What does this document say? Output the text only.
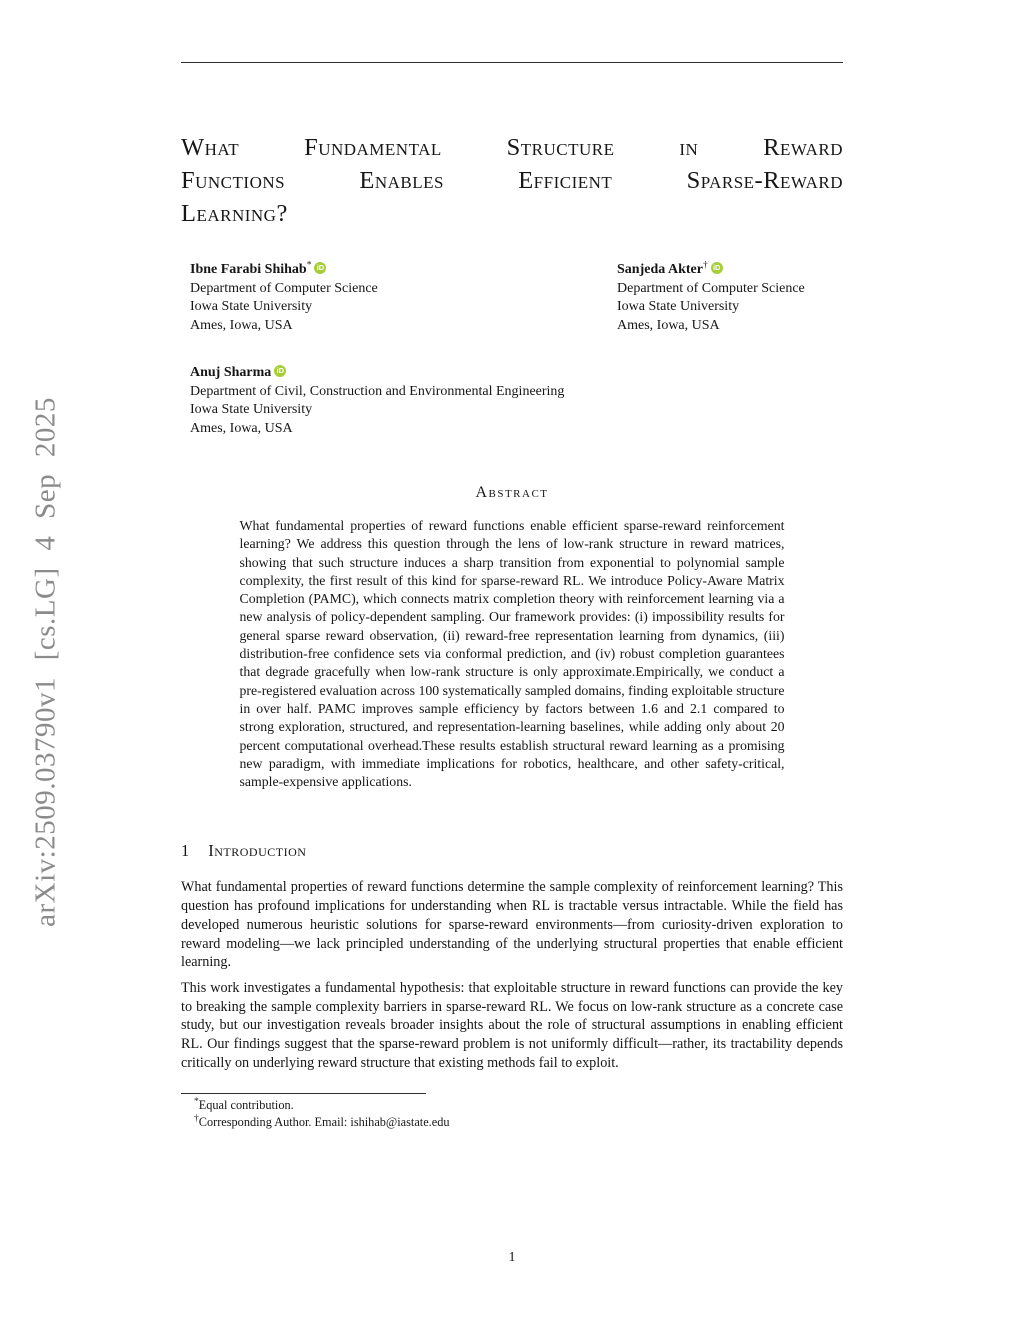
arXiv:2509.03790v1 [cs.LG] 4 Sep 2025
What Fundamental Structure in Reward
Functions Enables Efficient Sparse-Reward
Learning?
Ibne Farabi Shihab* iD
Department of Computer Science
Iowa State University
Ames, Iowa, USA
Sanjeda Akter† iD
Department of Computer Science
Iowa State University
Ames, Iowa, USA
Anuj Sharma iD
Department of Civil, Construction and Environmental Engineering
Iowa State University
Ames, Iowa, USA
Abstract
What fundamental properties of reward functions enable efficient sparse-reward reinforcement learning? We address this question through the lens of low-rank structure in reward matrices, showing that such structure induces a sharp transition from exponential to polynomial sample complexity, the first result of this kind for sparse-reward RL. We introduce Policy-Aware Matrix Completion (PAMC), which connects matrix completion theory with reinforcement learning via a new analysis of policy-dependent sampling. Our framework provides: (i) impossibility results for general sparse reward observation, (ii) reward-free representation learning from dynamics, (iii) distribution-free confidence sets via conformal prediction, and (iv) robust completion guarantees that degrade gracefully when low-rank structure is only approximate.Empirically, we conduct a pre-registered evaluation across 100 systematically sampled domains, finding exploitable structure in over half. PAMC improves sample efficiency by factors between 1.6 and 2.1 compared to strong exploration, structured, and representation-learning baselines, while adding only about 20 percent computational overhead.These results establish structural reward learning as a promising new paradigm, with immediate implications for robotics, healthcare, and other safety-critical, sample-expensive applications.
1 Introduction
What fundamental properties of reward functions determine the sample complexity of reinforcement learning? This question has profound implications for understanding when RL is tractable versus intractable. While the field has developed numerous heuristic solutions for sparse-reward environments—from curiosity-driven exploration to reward modeling—we lack principled understanding of the underlying structural properties that enable efficient learning.
This work investigates a fundamental hypothesis: that exploitable structure in reward functions can provide the key to breaking the sample complexity barriers in sparse-reward RL. We focus on low-rank structure as a concrete case study, but our investigation reveals broader insights about the role of structural assumptions in enabling efficient RL. Our findings suggest that the sparse-reward problem is not uniformly difficult—rather, its tractability depends critically on underlying reward structure that existing methods fail to exploit.
*Equal contribution.
†Corresponding Author. Email: ishihab@iastate.edu
1
